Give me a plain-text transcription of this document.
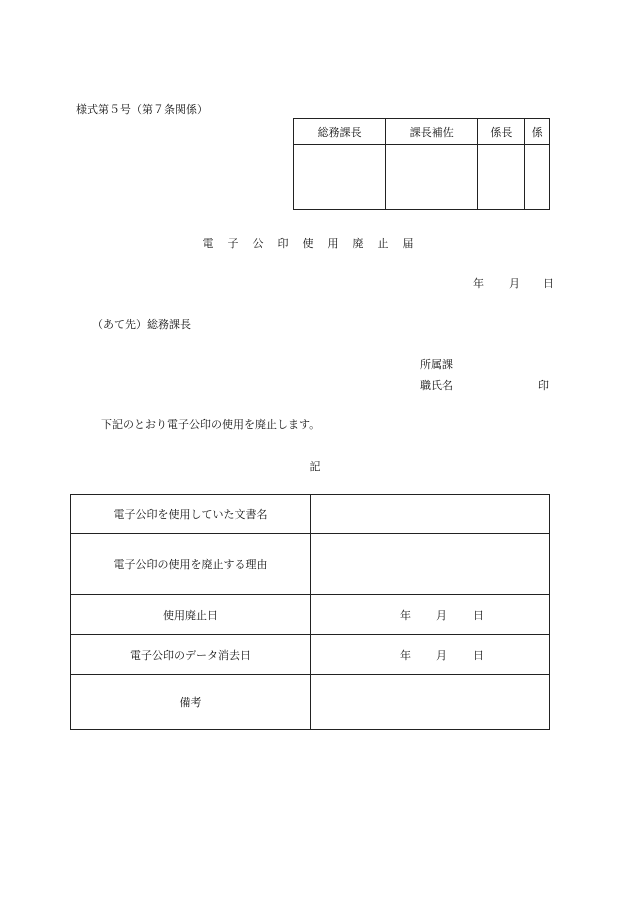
様式第５号（第７条関係）
総務課長	課長補佐	係長	係

電子公印使用廃止届
年 月 日
（あて先）総務課長
所属課
職氏名	印
下記のとおり電子公印の使用を廃止します。
記
電子公印を使用していた文書名	
電子公印の使用を廃止する理由	
使用廃止日	年 月 日

電子公印のデータ消去日	年 月 日

備考	
